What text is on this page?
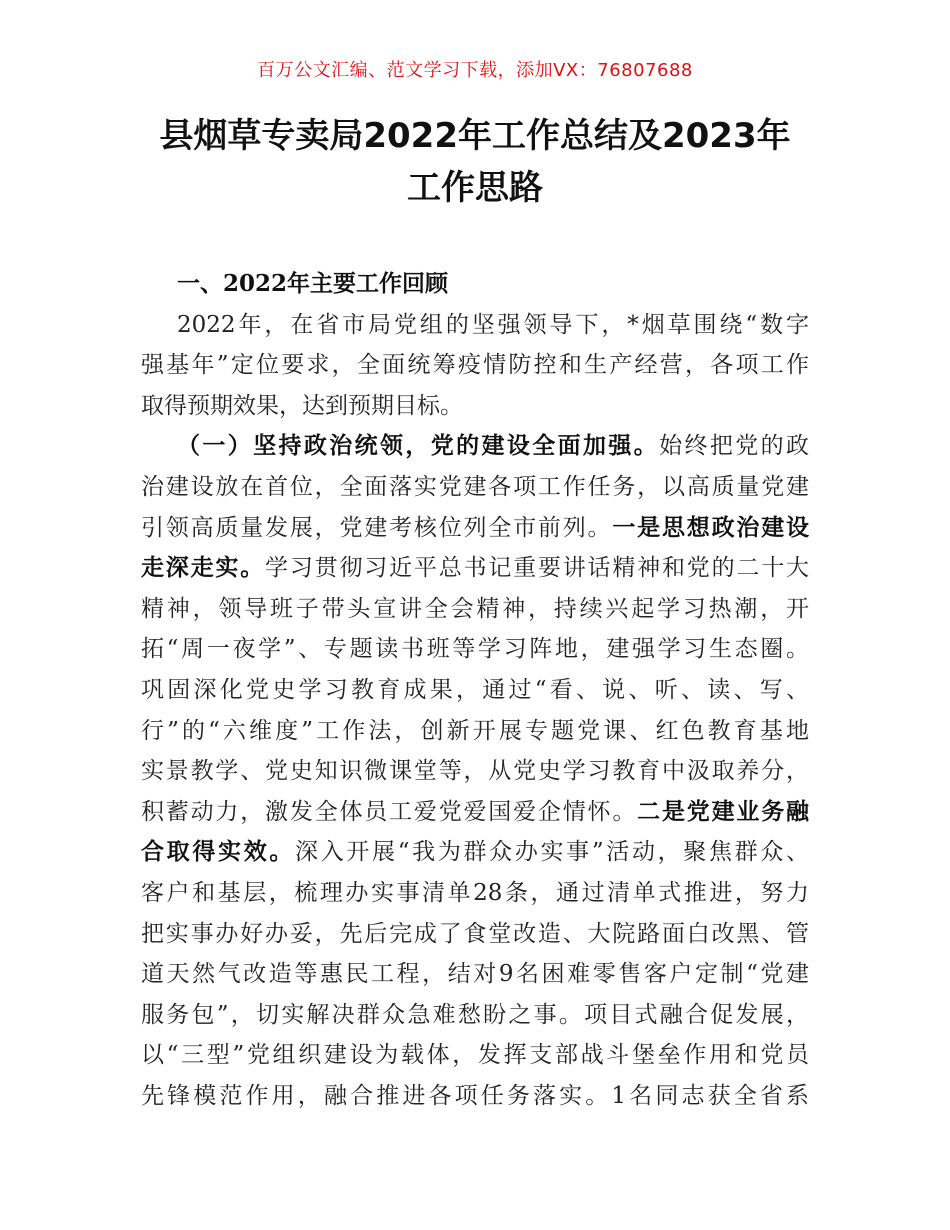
百万公文汇编、范文学习下载，添加VX：76807688
县烟草专卖局2022年工作总结及2023年
工作思路
一、2022年主要工作回顾
2022年，在省市局党组的坚强领导下，*烟草围绕“数字
强基年”定位要求，全面统筹疫情防控和生产经营，各项工作
取得预期效果，达到预期目标。
（一）坚持政治统领，党的建设全面加强。始终把党的政
治建设放在首位，全面落实党建各项工作任务，以高质量党建
引领高质量发展，党建考核位列全市前列。一是思想政治建设
走深走实。学习贯彻习近平总书记重要讲话精神和党的二十大
精神，领导班子带头宣讲全会精神，持续兴起学习热潮，开
拓“周一夜学”、专题读书班等学习阵地，建强学习生态圈。
巩固深化党史学习教育成果，通过“看、说、听、读、写、
行”的“六维度”工作法，创新开展专题党课、红色教育基地
实景教学、党史知识微课堂等，从党史学习教育中汲取养分，
积蓄动力，激发全体员工爱党爱国爱企情怀。二是党建业务融
合取得实效。深入开展“我为群众办实事”活动，聚焦群众、
客户和基层，梳理办实事清单28条，通过清单式推进，努力
把实事办好办妥，先后完成了食堂改造、大院路面白改黑、管
道天然气改造等惠民工程，结对9名困难零售客户定制“党建
服务包”，切实解决群众急难愁盼之事。项目式融合促发展，
以“三型”党组织建设为载体，发挥支部战斗堡垒作用和党员
先锋模范作用，融合推进各项任务落实。1名同志获全省系
